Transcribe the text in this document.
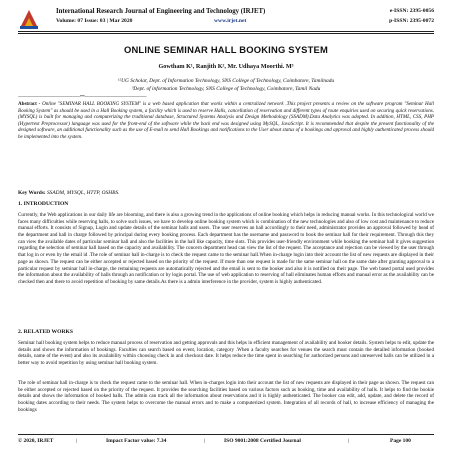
International Research Journal of Engineering and Technology (IRJET)
Volume: 07 Issue: 03 | Mar 2020	www.irjet.net
e-ISSN: 2395-0056
p-ISSN: 2395-0072
ONLINE SEMINAR HALL BOOKING SYSTEM
Gowtham K¹, Ranjith K², Mr. Udhaya Moorthi. M³
¹²UG Scholar, Dept. of Information Technology, SNS College of Technology, Coimbatore, Tamilnadu
³Dept. of information Technology, SNS College of Technology, Coimbatore, Tamil Nadu
---------------------------------------------------------------------***---------------------------------------------------------------------
Abstract - Online "SEMINAR HALL BOOKING SYSTEM" is a web based application that works within a centralized network .This project presents a review on the software program "Seminar Hall Booking System" as should be used in a Hall Booking system, a facility which is used to reserve Halls, cancellation of reservation and different types of route enquiries used on securing quick reservations.(MYSQL) is built for managing and computerizing the traditional database, Structured Systems Analysis and Design Methodology (SSADM).Data Analytics was adopted. In addition, HTML, CSS, PHP (Hypertext Preprocessor) language was used for the front-end of the software while the back end was designed using MySQL, JavaScript. It is recommended that despite the present functionality of the designed software, an additional functionality such as the use of E-mail to send Hall Bookings and notifications to the User about status of a bookings and approval and highly authenticated process should be implemented into the system.
Key Words: SSADM, MYSQL, HTTP, OSHBS.
1. INTRODUCTION
Currently, the Web applications in our daily life are blooming, and there is also a growing trend in the applications of online booking which helps in reducing manual works. In this technological world we faces many difficulties while reserving halls, to solve such issues, we have to develop online booking system which is combination of the new technologies and also of low cost and maintenance to reduce manual efforts. It consists of Signup, Login and update details of the seminar halls and users. The user reserves an hall accordingly to their need, administrator provides an approval followed by head of the department and hall in charge followed by principal during every booking process. Each department has the username and password to book the seminar hall for their requirement. Through this they can view the available dates of particular seminar hall and also the facilities in the hall like capacity, time slots. This provides user-friendly environment while booking the seminar hall it gives suggestion regarding the selection of seminar hall based on the capacity and availability. The concern department head can view the list of the request. The acceptance and rejection can be viewed by the user through that log in or even by the email id .The role of seminar hall in-charge is to check the request came to the seminar hall.When in-charge login into their account the list of new requests are displayed in their page as shown. The request can be either accepted or rejected based on the priority of the request. If more than one request is made for the same seminar hall on the same date after granting approval to a particular request by seminar hall in-charge, the remaining requests are automatically rejected and the email is sent to the booker and also it is notified on their page. The web based portal used provides the information about the availability of halls through an notification or by login portal. The use of web application to reserving of hall eliminates human efforts and manual error as the availability can be checked then and there to avoid repetition of booking by same details.As there is a admin interference in the provider, system is highly authenticated.
2. RELATED WORKS
Seminar hall booking system helps to reduce manual process of reservation and getting approvals and this helps in efficient management of availability and booker details. System helps to edit, update the details and shows the information of bookings. Faculties can search based on event, location, category .When a faculty searches for venues the search must contain the detailed information (booked details, name of the event) and also its availability within choosing check in and checkout date. It helps reduce the time spent in searching for authorized persons and unreserved halls can be utilized in a better way to avoid repetition by using seminar hall booking system.
The role of seminar hall in-charge is to check the request came to the seminar hall. When in-charges login into their account the list of new requests are displayed in their page as shown. The request can be either accepted or rejected based on the priority of the request. It provides the searching facilities based on various factors such as booking, time and availability of halls. It helps to find the bookie details and shows the information of booked halls. The admin can track all the information about reservations and it is highly authenticated. The booker can edit, add, update, and delete the record of booking dates according to their needs. The system helps to overcome the manual errors and to make a computerized system. Integration of all records of hall, to increase efficiency of managing the bookings
© 2020, IRJET	|	Impact Factor value: 7.34	|	ISO 9001:2008 Certified Journal	|	Page 100
